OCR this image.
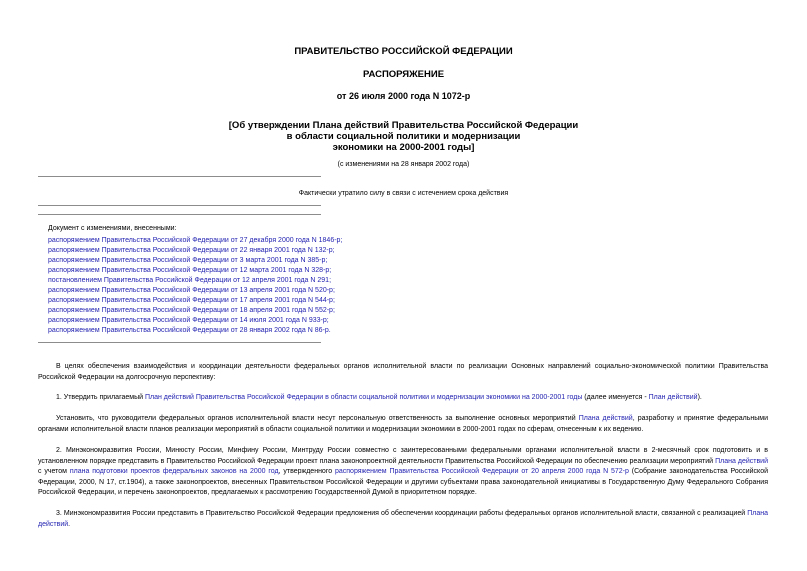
ПРАВИТЕЛЬСТВО РОССИЙСКОЙ ФЕДЕРАЦИИ
РАСПОРЯЖЕНИЕ
от 26 июля 2000 года N 1072-р
[Об утверждении Плана действий Правительства Российской Федерации
в области социальной политики и модернизации
экономики на 2000-2001 годы]
(с изменениями на 28 января 2002 года)
Фактически утратило силу в связи с истечением срока действия
Документ с изменениями, внесенными:
распоряжением Правительства Российской Федерации от 27 декабря 2000 года N 1846-р;
распоряжением Правительства Российской Федерации от 22 января 2001 года N 132-р;
распоряжением Правительства Российской Федерации от 3 марта 2001 года N 385-р;
распоряжением Правительства Российской Федерации от 12 марта 2001 года N 328-р;
постановлением Правительства Российской Федерации от 12 апреля 2001 года N 291;
распоряжением Правительства Российской Федерации от 13 апреля 2001 года N 520-р;
распоряжением Правительства Российской Федерации от 17 апреля 2001 года N 544-р;
распоряжением Правительства Российской Федерации от 18 апреля 2001 года N 552-р;
распоряжением Правительства Российской Федерации от 14 июля 2001 года N 933-р;
распоряжением Правительства Российской Федерации от 28 января 2002 года N 86-р.

В целях обеспечения взаимодействия и координации деятельности федеральных органов исполнительной власти по реализации Основных направлений социально-экономической политики Правительства Российской Федерации на долгосрочную перспективу:

1. Утвердить прилагаемый План действий Правительства Российской Федерации в области социальной политики и модернизации экономики на 2000-2001 годы (далее именуется - План действий).

Установить, что руководители федеральных органов исполнительной власти несут персональную ответственность за выполнение основных мероприятий Плана действий, разработку и принятие федеральными органами исполнительной власти планов реализации мероприятий в области социальной политики и модернизации экономики в 2000-2001 годах по сферам, отнесенным к их ведению.

2. Минэкономразвития России, Минюсту России, Минфину России, Минтруду России совместно с заинтересованными федеральными органами исполнительной власти в 2-месячный срок подготовить и в установленном порядке представить в Правительство Российской Федерации проект плана законопроектной деятельности Правительства Российской Федерации по обеспечению реализации мероприятий Плана действий с учетом плана подготовки проектов федеральных законов на 2000 год, утвержденного распоряжением Правительства Российской Федерации от 20 апреля 2000 года N 572-р (Собрание законодательства Российской Федерации, 2000, N 17, ст.1904), а также законопроектов, внесенных Правительством Российской Федерации и другими субъектами права законодательной инициативы в Государственную Думу Федерального Собрания Российской Федерации, и перечень законопроектов, предлагаемых к рассмотрению Государственной Думой в приоритетном порядке.

3. Минэкономразвития России представить в Правительство Российской Федерации предложения об обеспечении координации работы федеральных органов исполнительной власти, связанной с реализацией Плана действий.
